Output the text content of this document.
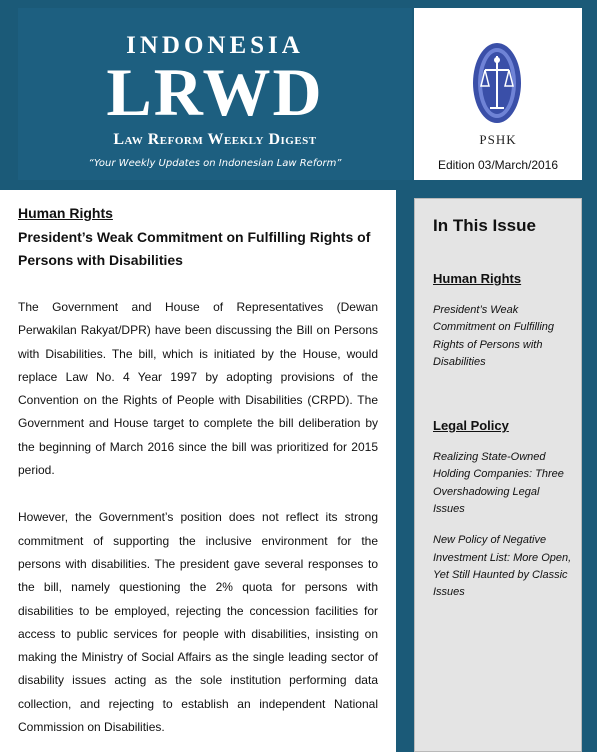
INDONESIA
LRWD
Law Reform Weekly Digest
“Your Weekly Updates on Indonesian Law Reform”
PSHK
Edition 03/March/2016
Human Rights
President’s Weak Commitment on Fulfilling Rights of Persons with Disabilities

The Government and House of Representatives (Dewan Perwakilan Rakyat/DPR) have been discussing the Bill on Persons with Disabilities. The bill, which is initiated by the House, would replace Law No. 4 Year 1997 by adopting provisions of the Convention on the Rights of People with Disabilities (CRPD). The Government and House target to complete the bill deliberation by the beginning of March 2016 since the bill was prioritized for 2015 period.

However, the Government’s position does not reflect its strong commitment of supporting the inclusive environment for the persons with disabilities. The president gave several responses to the bill, namely questioning the 2% quota for persons with disabilities to be employed, rejecting the concession facilities for access to public services for people with disabilities, insisting on making the Ministry of Social Affairs as the single leading sector of disability issues acting as the sole institution performing data collection, and rejecting to establish an independent National Commission on Disabilities.

In This Issue
Human Rights
President’s Weak Commitment on Fulfilling Rights of Persons with Disabilities
Legal Policy
Realizing State-Owned Holding Companies: Three Overshadowing Legal Issues
New Policy of Negative Investment List: More Open, Yet Still Haunted by Classic Issues
